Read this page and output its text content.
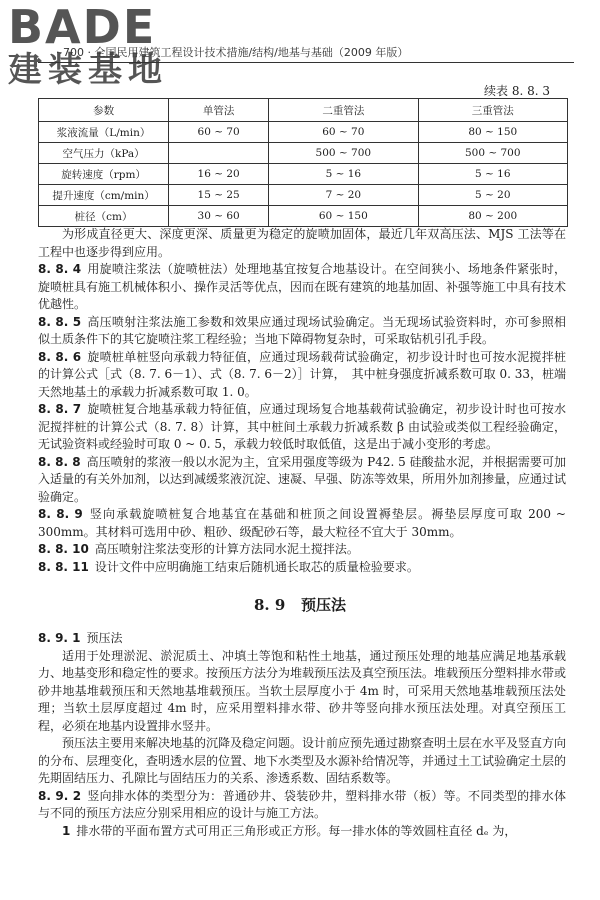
BADE
建装基地
· 700 · 全国民用建筑工程设计技术措施/结构/地基与基础（2009 年版）
续表 8. 8. 3
参数	单管法	二重管法	三重管法
浆液流量（L/min）	60 ~ 70	60 ~ 70	80 ~ 150
空气压力（kPa）		500 ~ 700	500 ~ 700
旋转速度（rpm）	16 ~ 20	5 ~ 16	5 ~ 16
提升速度（cm/min）	15 ~ 25	7 ~ 20	5 ~ 20
桩径（cm）	30 ~ 60	60 ~ 150	80 ~ 200

为形成直径更大、深度更深、质量更为稳定的旋喷加固体，最近几年双高压法、MJS 工法等在工程中也逐步得到应用。

8. 8. 4 用旋喷注浆法（旋喷桩法）处理地基宜按复合地基设计。在空间狭小、场地条件紧张时，旋喷桩具有施工机械体积小、操作灵活等优点，因而在既有建筑的地基加固、补强等施工中具有技术优越性。

8. 8. 5 高压喷射注浆法施工参数和效果应通过现场试验确定。当无现场试验资料时，亦可参照相似土质条件下的其它旋喷注浆工程经验；当地下障碍物复杂时，可采取钻机引孔手段。

8. 8. 6 旋喷桩单桩竖向承载力特征值，应通过现场载荷试验确定，初步设计时也可按水泥搅拌桩的计算公式［式（8. 7. 6－1）、式（8. 7. 6－2）］计算，　其中桩身强度折减系数可取 0. 33，桩端天然地基土的承载力折减系数可取 1. 0。

8. 8. 7 旋喷桩复合地基承载力特征值，应通过现场复合地基载荷试验确定，初步设计时也可按水泥搅拌桩的计算公式（8. 7. 8）计算，其中桩间土承载力折减系数 β 由试验或类似工程经验确定，无试验资料或经验时可取 0 ~ 0. 5，承载力较低时取低值，这是出于减小变形的考虑。

8. 8. 8 高压喷射的浆液一般以水泥为主，宜采用强度等级为 P42. 5 硅酸盐水泥，并根据需要可加入适量的有关外加剂，以达到减缓浆液沉淀、速凝、早强、防冻等效果，所用外加剂掺量，应通过试验确定。

8. 8. 9 竖向承载旋喷桩复合地基宜在基础和桩顶之间设置褥垫层。褥垫层厚度可取 200 ~ 300mm。其材料可选用中砂、粗砂、级配砂石等，最大粒径不宜大于 30mm。

8. 8. 10 高压喷射注浆法变形的计算方法同水泥土搅拌法。

8. 8. 11 设计文件中应明确施工结束后随机通长取芯的质量检验要求。

8. 9 预压法

8. 9. 1 预压法

适用于处理淤泥、淤泥质土、冲填土等饱和粘性土地基，通过预压处理的地基应满足地基承载力、地基变形和稳定性的要求。按预压方法分为堆载预压法及真空预压法。堆载预压分塑料排水带或砂井地基堆载预压和天然地基堆载预压。当软土层厚度小于 4m 时，可采用天然地基堆载预压法处理；当软土层厚度超过 4m 时，应采用塑料排水带、砂井等竖向排水预压法处理。对真空预压工程，必须在地基内设置排水竖井。

预压法主要用来解决地基的沉降及稳定问题。设计前应预先通过勘察查明土层在水平及竖直方向的分布、层理变化，查明透水层的位置、地下水类型及水源补给情况等，并通过土工试验确定土层的先期固结压力、孔隙比与固结压力的关系、渗透系数、固结系数等。

8. 9. 2 竖向排水体的类型分为：普通砂井、袋装砂井，塑料排水带（板）等。不同类型的排水体与不同的预压方法应分别采用相应的设计与施工方法。

1 排水带的平面布置方式可用正三角形或正方形。每一排水体的等效圆柱直径 dₑ 为，
